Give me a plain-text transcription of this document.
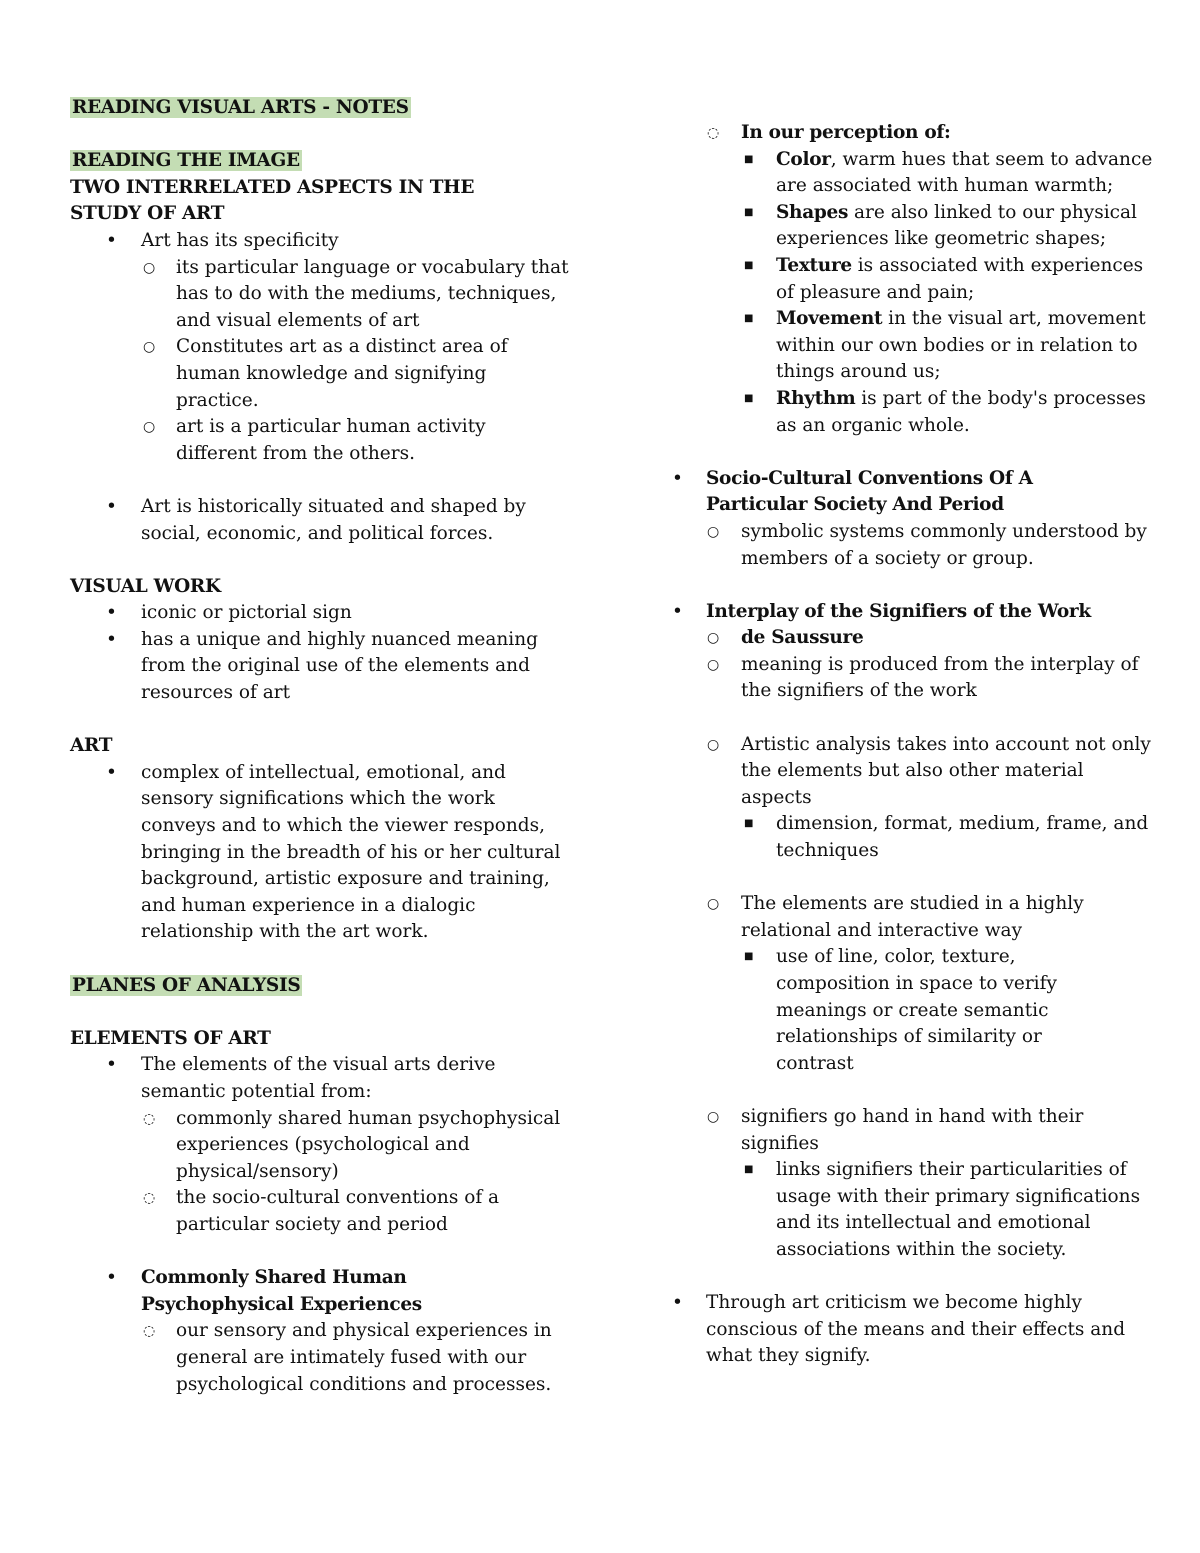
READING VISUAL ARTS - NOTES
READING THE IMAGE
TWO INTERRELATED ASPECTS IN THE STUDY OF ART
• Art has its specificity
○ its particular language or vocabulary that has to do with the mediums, techniques, and visual elements of art
○ Constitutes art as a distinct area of human knowledge and signifying practice.
○ art is a particular human activity different from the others.
• Art is historically situated and shaped by social, economic, and political forces.
VISUAL WORK
• iconic or pictorial sign
• has a unique and highly nuanced meaning from the original use of the elements and resources of art
ART
• complex of intellectual, emotional, and sensory significations which the work conveys and to which the viewer responds, bringing in the breadth of his or her cultural background, artistic exposure and training, and human experience in a dialogic relationship with the art work.
PLANES OF ANALYSIS
ELEMENTS OF ART
• The elements of the visual arts derive semantic potential from:
◌ commonly shared human psychophysical experiences (psychological and physical/sensory)
◌ the socio-cultural conventions of a particular society and period
• Commonly Shared Human Psychophysical Experiences
◌ our sensory and physical experiences in general are intimately fused with our psychological conditions and processes.
◌ In our perception of:
■ Color, warm hues that seem to advance are associated with human warmth;
■ Shapes are also linked to our physical experiences like geometric shapes;
■ Texture is associated with experiences of pleasure and pain;
■ Movement in the visual art, movement within our own bodies or in relation to things around us;
■ Rhythm is part of the body's processes as an organic whole.
• Socio-Cultural Conventions Of A Particular Society And Period
○ symbolic systems commonly understood by members of a society or group.
• Interplay of the Signifiers of the Work
○ de Saussure
○ meaning is produced from the interplay of the signifiers of the work
○ Artistic analysis takes into account not only the elements but also other material aspects
■ dimension, format, medium, frame, and techniques
○ The elements are studied in a highly relational and interactive way
■ use of line, color, texture, composition in space to verify meanings or create semantic relationships of similarity or contrast
○ signifiers go hand in hand with their signifies
■ links signifiers their particularities of usage with their primary significations and its intellectual and emotional associations within the society.
• Through art criticism we become highly conscious of the means and their effects and what they signify.
